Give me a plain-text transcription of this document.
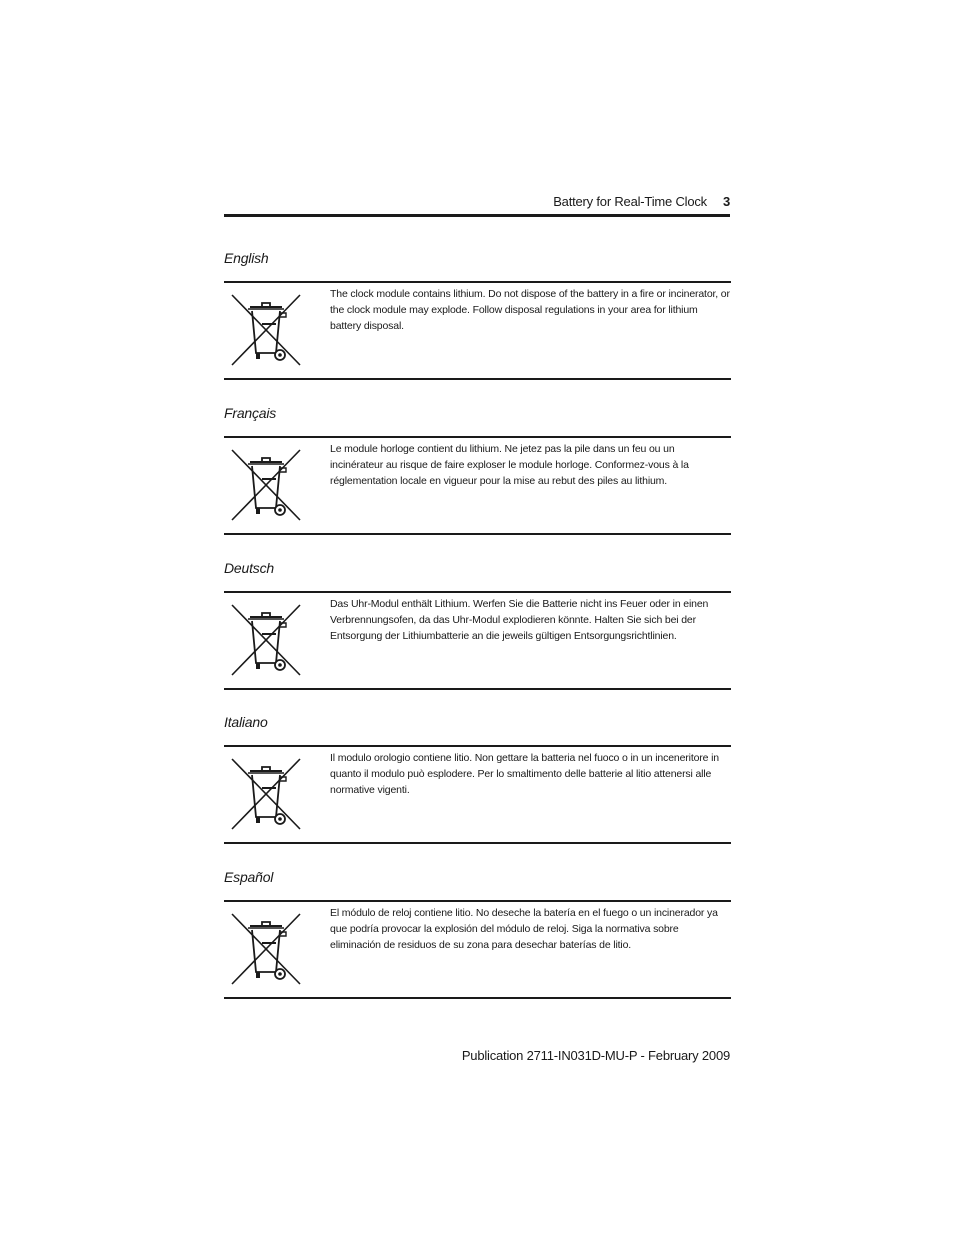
Battery for Real-Time Clock 3
English
The clock module contains lithium. Do not dispose of the battery in a fire or incinerator, or the clock module may explode. Follow disposal regulations in your area for lithium battery disposal.
Français
Le module horloge contient du lithium. Ne jetez pas la pile dans un feu ou un incinérateur au risque de faire exploser le module horloge. Conformez-vous à la réglementation locale en vigueur pour la mise au rebut des piles au lithium.
Deutsch
Das Uhr-Modul enthält Lithium. Werfen Sie die Batterie nicht ins Feuer oder in einen Verbrennungsofen, da das Uhr-Modul explodieren könnte. Halten Sie sich bei der Entsorgung der Lithiumbatterie an die jeweils gültigen Entsorgungsrichtlinien.
Italiano
Il modulo orologio contiene litio. Non gettare la batteria nel fuoco o in un inceneritore in quanto il modulo può esplodere. Per lo smaltimento delle batterie al litio attenersi alle normative vigenti.
Español
El módulo de reloj contiene litio. No deseche la batería en el fuego o un incinerador ya que podría provocar la explosión del módulo de reloj. Siga la normativa sobre eliminación de residuos de su zona para desechar baterías de litio.
Publication 2711-IN031D-MU-P - February 2009
